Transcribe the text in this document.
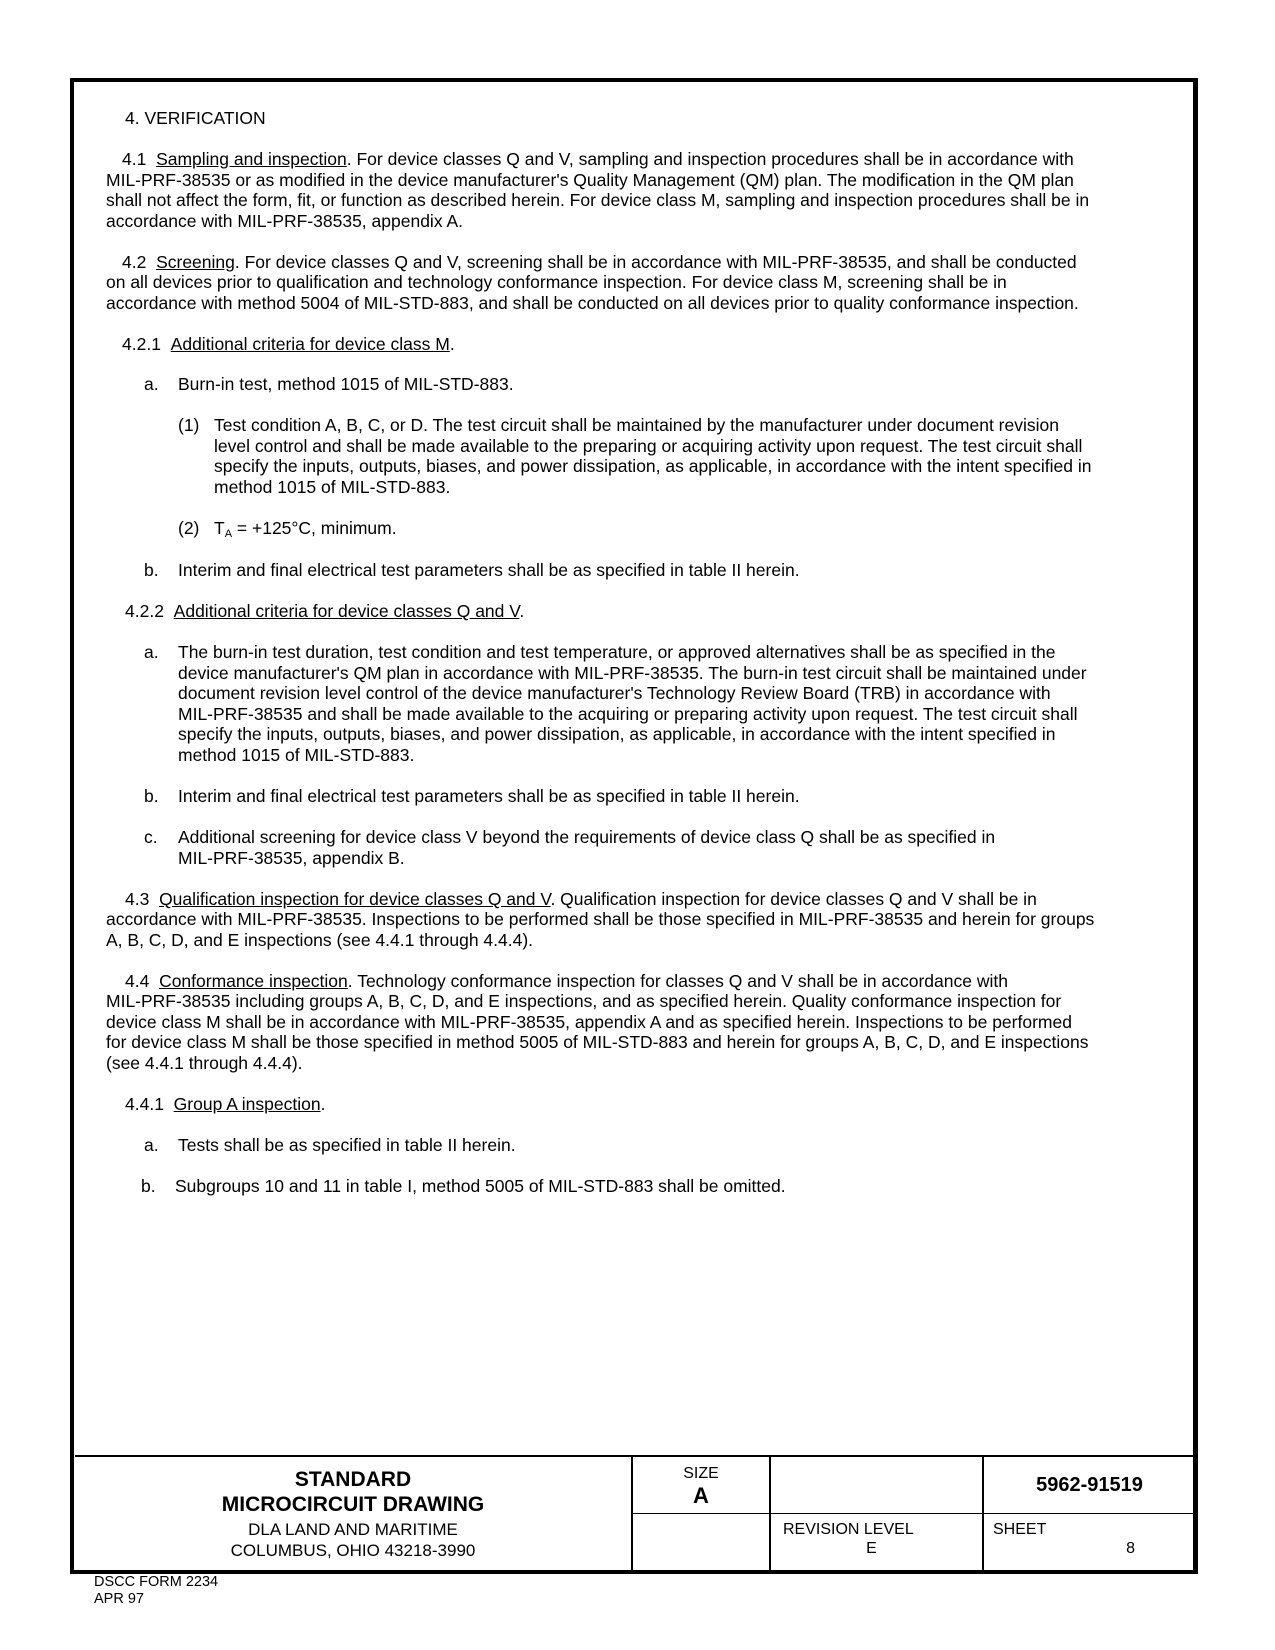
4. VERIFICATION

4.1 Sampling and inspection. For device classes Q and V, sampling and inspection procedures shall be in accordance with

MIL-PRF-38535 or as modified in the device manufacturer's Quality Management (QM) plan. The modification in the QM plan

shall not affect the form, fit, or function as described herein. For device class M, sampling and inspection procedures shall be in

accordance with MIL-PRF-38535, appendix A.

4.2 Screening. For device classes Q and V, screening shall be in accordance with MIL-PRF-38535, and shall be conducted

on all devices prior to qualification and technology conformance inspection. For device class M, screening shall be in

accordance with method 5004 of MIL-STD-883, and shall be conducted on all devices prior to quality conformance inspection.

4.2.1 Additional criteria for device class M.

a. Burn-in test, method 1015 of MIL-STD-883.
(1) Test condition A, B, C, or D. The test circuit shall be maintained by the manufacturer under document revision
level control and shall be made available to the preparing or acquiring activity upon request. The test circuit shall
specify the inputs, outputs, biases, and power dissipation, as applicable, in accordance with the intent specified in
method 1015 of MIL-STD-883.
(2) $T_A = +125^\circ C$, minimum.
b. Interim and final electrical test parameters shall be as specified in table II herein.

4.2.2 Additional criteria for device classes Q and V.

a. The burn-in test duration, test condition and test temperature, or approved alternatives shall be as specified in the
device manufacturer's QM plan in accordance with MIL-PRF-38535. The burn-in test circuit shall be maintained under
document revision level control of the device manufacturer's Technology Review Board (TRB) in accordance with
MIL-PRF-38535 and shall be made available to the acquiring or preparing activity upon request. The test circuit shall
specify the inputs, outputs, biases, and power dissipation, as applicable, in accordance with the intent specified in
method 1015 of MIL-STD-883.
b. Interim and final electrical test parameters shall be as specified in table II herein.
c. Additional screening for device class V beyond the requirements of device class Q shall be as specified in
MIL-PRF-38535, appendix B.

4.3 Qualification inspection for device classes Q and V. Qualification inspection for device classes Q and V shall be in

accordance with MIL-PRF-38535. Inspections to be performed shall be those specified in MIL-PRF-38535 and herein for groups

A, B, C, D, and E inspections (see 4.4.1 through 4.4.4).

4.4 Conformance inspection. Technology conformance inspection for classes Q and V shall be in accordance with

MIL-PRF-38535 including groups A, B, C, D, and E inspections, and as specified herein. Quality conformance inspection for

device class M shall be in accordance with MIL-PRF-38535, appendix A and as specified herein. Inspections to be performed

for device class M shall be those specified in method 5005 of MIL-STD-883 and herein for groups A, B, C, D, and E inspections

(see 4.4.1 through 4.4.4).

4.4.1 Group A inspection.

a. Tests shall be as specified in table II herein.
b. Subgroups 10 and 11 in table I, method 5005 of MIL-STD-883 shall be omitted.
STANDARD
MICROCIRCUIT DRAWING
DLA LAND AND MARITIME
COLUMBUS, OHIO 43218-3990
SIZE
A	5962-91519
REVISION LEVEL
E
SHEET
8
DSCC FORM 2234
APR 97
